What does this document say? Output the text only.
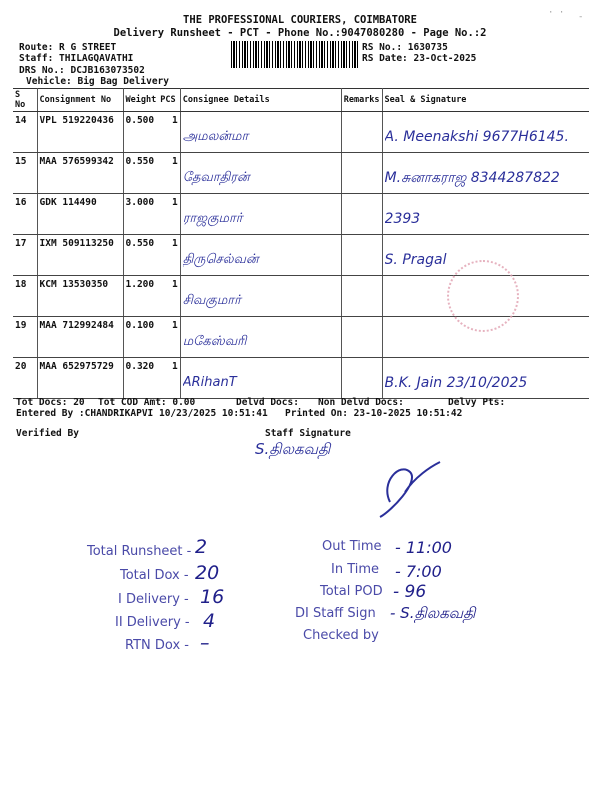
THE PROFESSIONAL COURIERS, COIMBATORE
Delivery Runsheet - PCT - Phone No.:9047080280 - Page No.:2
Route: R G STREET
Staff: THILAGQAVATHI
DRS No.: DCJB163073502
Vehicle: Big Bag Delivery
RS No.: 1630735
RS Date: 23-Oct-2025
· · -
S No	Consignment No	Weight	PCS	Consignee Details	Remarks	Seal & Signature
14	VPL 519220436	0.500	1	அமலன்மா		A. Meenakshi 9677H6145.

15	MAA 576599342	0.550	1	தேவாதிரன்		M.சுனாகராஜ 8344287822

16	GDK 114490	3.000	1	ராஜகுமார்		2393

17	IXM 509113250	0.550	1	திருசெல்வன்		S. Pragal

18	KCM 13530350	1.200	1	சிவகுமார்		

19	MAA 712992484	0.100	1	மகேஸ்வரி		

20	MAA 652975729	0.320	1	ARihanT		B.K. Jain 23/10/2025
Tot Docs: 20 Tot COD Amt: 0.00	Delvd Docs: Non Delvd Docs:	Delvy Pts:
Entered By :CHANDRIKAPVI 10/23/2025 10:51:41 Printed On: 23-10-2025 10:51:42
Verified By	Staff Signature
S.திலகவதி
Total Runsheet - 2
Total Dox - 20
I Delivery - 16
II Delivery - 4
RTN Dox - –
Out Time - 11:00
In Time - 7:00
Total POD - 96
DI Staff Sign - S.திலகவதி
Checked by
